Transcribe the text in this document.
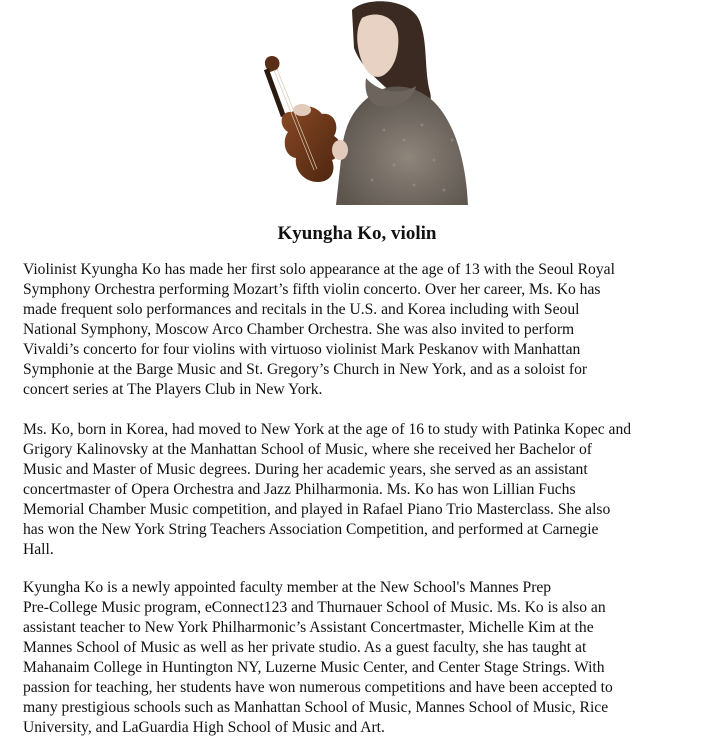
Kyungha Ko, violin

Violinist Kyungha Ko has made her first solo appearance at the age of 13 with the Seoul Royal
Symphony Orchestra performing Mozart’s fifth violin concerto. Over her career, Ms. Ko has
made frequent solo performances and recitals in the U.S. and Korea including with Seoul
National Symphony, Moscow Arco Chamber Orchestra. She was also invited to perform
Vivaldi’s concerto for four violins with virtuoso violinist Mark Peskanov with Manhattan
Symphonie at the Barge Music and St. Gregory’s Church in New York, and as a soloist for
concert series at The Players Club in New York.

Ms. Ko, born in Korea, had moved to New York at the age of 16 to study with Patinka Kopec and
Grigory Kalinovsky at the Manhattan School of Music, where she received her Bachelor of
Music and Master of Music degrees. During her academic years, she served as an assistant
concertmaster of Opera Orchestra and Jazz Philharmonia. Ms. Ko has won Lillian Fuchs
Memorial Chamber Music competition, and played in Rafael Piano Trio Masterclass. She also
has won the New York String Teachers Association Competition, and performed at Carnegie
Hall.

Kyungha Ko is a newly appointed faculty member at the New School's Mannes Prep
Pre-College Music program, eConnect123 and Thurnauer School of Music. Ms. Ko is also an
assistant teacher to New York Philharmonic’s Assistant Concertmaster, Michelle Kim at the
Mannes School of Music as well as her private studio. As a guest faculty, she has taught at
Mahanaim College in Huntington NY, Luzerne Music Center, and Center Stage Strings. With
passion for teaching, her students have won numerous competitions and have been accepted to
many prestigious schools such as Manhattan School of Music, Mannes School of Music, Rice
University, and LaGuardia High School of Music and Art.
